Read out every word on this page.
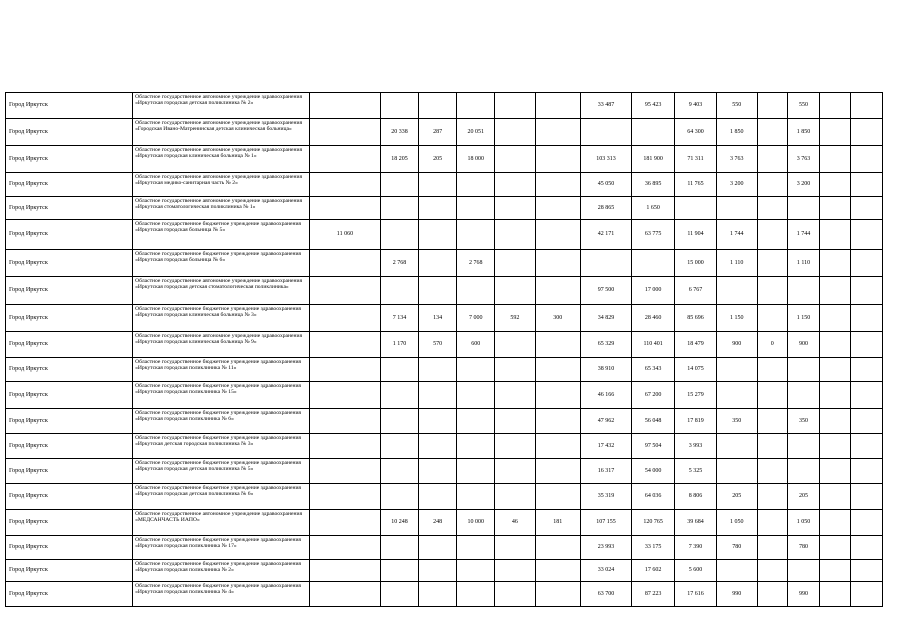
Город Иркутск	Областное государственное автономное учреждение здравоохранения «Иркутская городская детская поликлиника № 2»							33 487	95 423	9 403	550		550		
Город Иркутск	Областное государственное автономное учреждение здравоохранения «Городская Ивано-Матренинская детская клиническая больница»		20 338	287	20 051					64 300	1 850		1 850		
Город Иркутск	Областное государственное автономное учреждение здравоохранения «Иркутская городская клиническая больница № 1»		18 205	205	18 000			103 313	181 900	71 311	3 763		3 763		
Город Иркутск	Областное государственное автономное учреждение здравоохранения «Иркутская медико-санитарная часть № 2»							45 050	36 895	11 765	3 200		3 200		
Город Иркутск	Областное государственное автономное учреждение здравоохранения «Иркутская стоматологическая поликлиника № 1»							28 865	1 650						
Город Иркутск	Областное государственное бюджетное учреждение здравоохранения «Иркутская городская больница № 5»	11 060						42 171	63 775	11 904	1 744		1 744		
Город Иркутск	Областное государственное бюджетное учреждение здравоохранения «Иркутская городская больница № 6»		2 768		2 768					15 000	1 110		1 110		
Город Иркутск	Областное государственное автономное учреждение здравоохранения «Иркутская городская детская стоматологическая поликлиника»							97 500	17 000	6 767					
Город Иркутск	Областное государственное бюджетное учреждение здравоохранения «Иркутская городская клиническая больница № 3»		7 134	134	7 000	592	300	34 829	28 460	85 696	1 150		1 150		
Город Иркутск	Областное государственное автономное учреждение здравоохранения «Иркутская городская клиническая больница № 9»		1 170	570	600			65 329	110 401	18 479	900	0	900		
Город Иркутск	Областное государственное бюджетное учреждение здравоохранения «Иркутская городская поликлиника № 11»							38 910	65 343	14 075					
Город Иркутск	Областное государственное бюджетное учреждение здравоохранения «Иркутская городская поликлиника № 15»							46 166	67 200	15 279					
Город Иркутск	Областное государственное бюджетное учреждение здравоохранения «Иркутская городская поликлиника № 6»							47 962	56 048	17 819	350		350		
Город Иркутск	Областное государственное бюджетное учреждение здравоохранения «Иркутская детская городская поликлиника № 3»							17 432	97 504	3 993					
Город Иркутск	Областное государственное бюджетное учреждение здравоохранения «Иркутская городская детская поликлиника № 5»							16 317	54 000	5 325					
Город Иркутск	Областное государственное бюджетное учреждение здравоохранения «Иркутская городская детская поликлиника № 6»							35 319	64 036	8 806	205		205		
Город Иркутск	Областное государственное автономное учреждение здравоохранения «МЕДСАНЧАСТЬ ИАПО»		10 248	248	10 000	46	181	107 155	120 765	39 684	1 050		1 050		
Город Иркутск	Областное государственное бюджетное учреждение здравоохранения «Иркутская городская поликлиника № 17»							23 993	33 175	7 390	780		780		
Город Иркутск	Областное государственное бюджетное учреждение здравоохранения «Иркутская городская поликлиника № 2»							33 024	17 602	5 600					
Город Иркутск	Областное государственное бюджетное учреждение здравоохранения «Иркутская городская поликлиника № 4»							63 700	87 223	17 616	990		990		
